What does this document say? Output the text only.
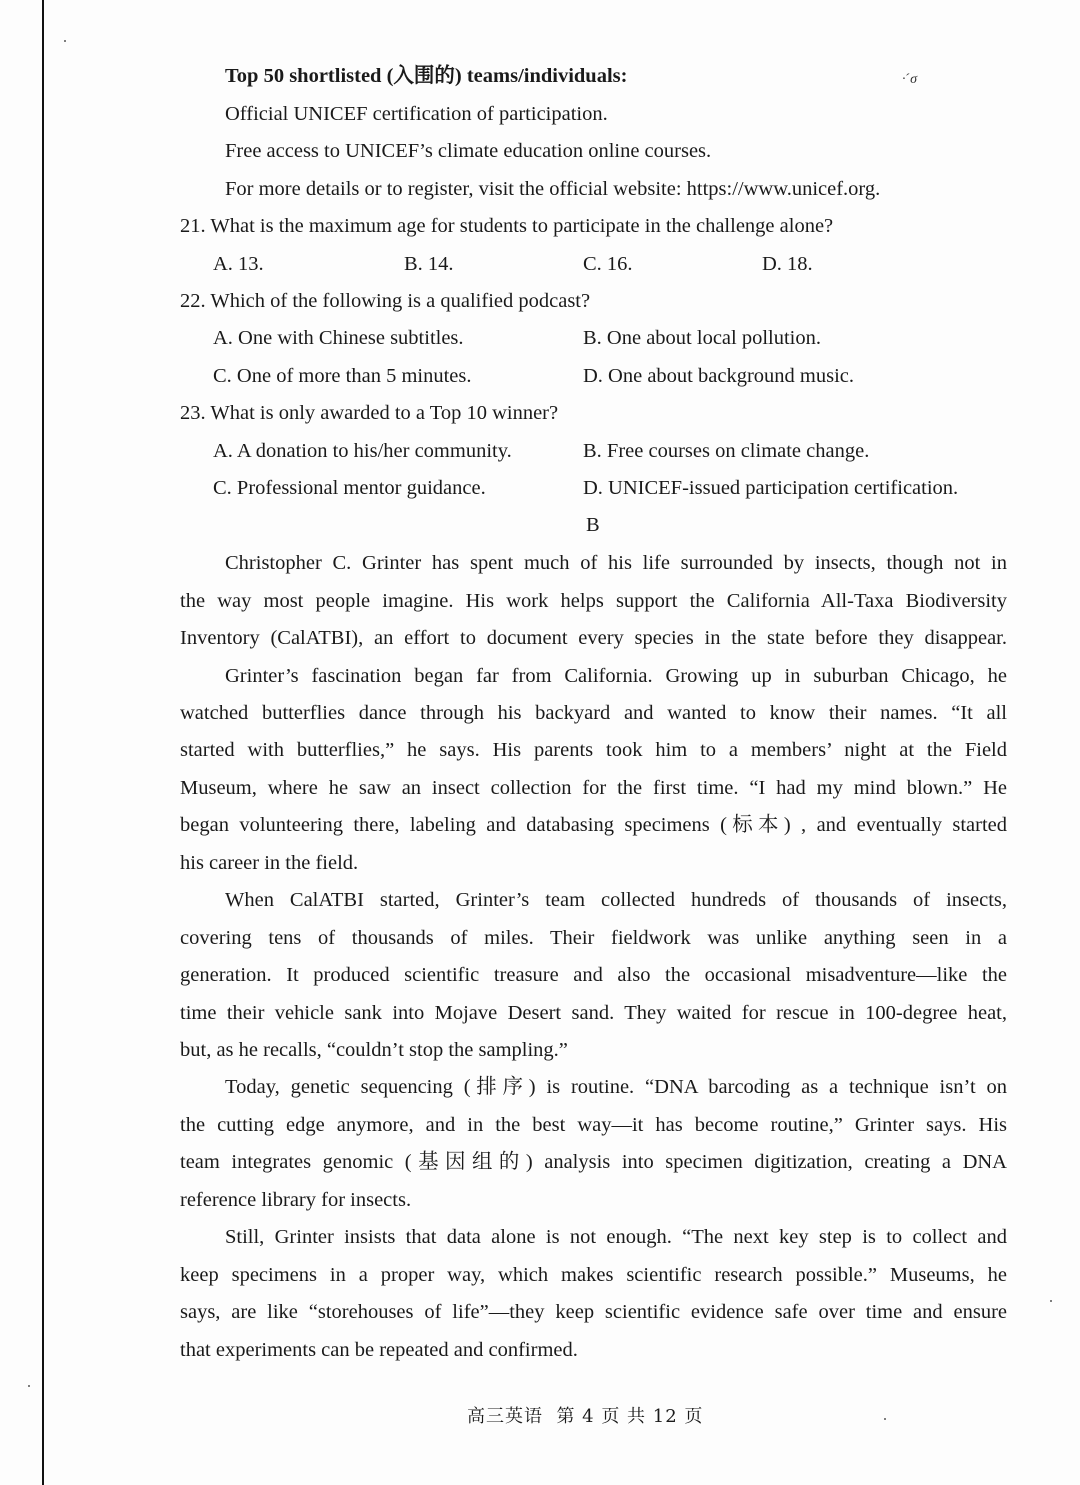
·ˊσ
Top 50 shortlisted (入围的) teams/individuals:
Official UNICEF certification of participation.
Free access to UNICEF’s climate education online courses.
For more details or to register, visit the official website: https://www.unicef.org.
21. What is the maximum age for students to participate in the challenge alone?
A. 13.	B. 14.	C. 16.	D. 18.
22. Which of the following is a qualified podcast?
A. One with Chinese subtitles.	B. One about local pollution.
C. One of more than 5 minutes.	D. One about background music.
23. What is only awarded to a Top 10 winner?
A. A donation to his/her community.	B. Free courses on climate change.
C. Professional mentor guidance.	D. UNICEF-issued participation certification.
B
Christopher C. Grinter has spent much of his life surrounded by insects, though not in
the way most people imagine. His work helps support the California All-Taxa Biodiversity
Inventory (CalATBI), an effort to document every species in the state before they disappear.
Grinter’s fascination began far from California. Growing up in suburban Chicago, he
watched butterflies dance through his backyard and wanted to know their names. “It all
started with butterflies,” he says. His parents took him to a members’ night at the Field
Museum, where he saw an insect collection for the first time. “I had my mind blown.” He
began volunteering there, labeling and databasing specimens (标本) , and eventually started
his career in the field.
When CalATBI started, Grinter’s team collected hundreds of thousands of insects,
covering tens of thousands of miles. Their fieldwork was unlike anything seen in a
generation. It produced scientific treasure and also the occasional misadventure—like the
time their vehicle sank into Mojave Desert sand. They waited for rescue in 100-degree heat,
but, as he recalls, “couldn’t stop the sampling.”
Today, genetic sequencing (排序) is routine. “DNA barcoding as a technique isn’t on
the cutting edge anymore, and in the best way—it has become routine,” Grinter says. His
team integrates genomic (基因组的) analysis into specimen digitization, creating a DNA
reference library for insects.
Still, Grinter insists that data alone is not enough. “The next key step is to collect and
keep specimens in a proper way, which makes scientific research possible.” Museums, he
says, are like “storehouses of life”—they keep scientific evidence safe over time and ensure
that experiments can be repeated and confirmed.
高三英语  第 4 页 共 12 页
